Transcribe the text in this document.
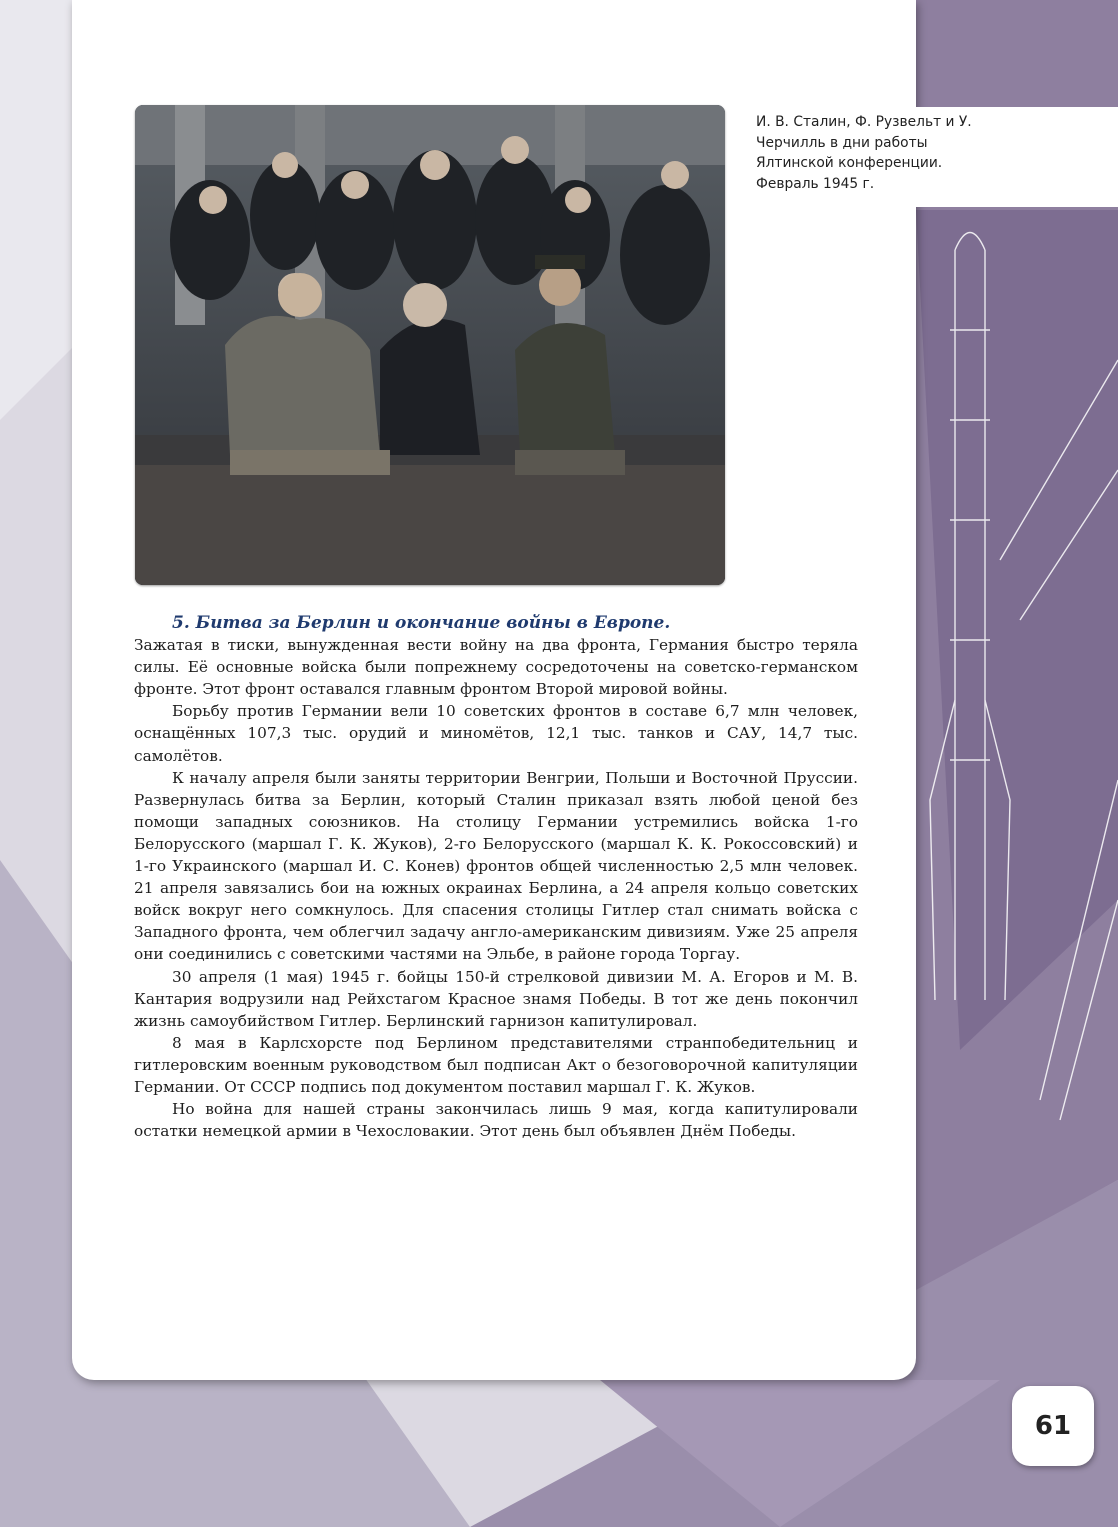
И. В. Сталин, Ф. Рузвельт и У. Черчилль в дни работы Ялтинской конференции. Февраль 1945 г.

5. Битва за Берлин и окончание войны в Европе.
Зажатая в тиски, вынужденная вести войну на два фронта, Германия быстро теряла силы. Её основные войска были попрежнему сосредоточены на советско-германском фронте. Этот фронт оставался главным фронтом Второй мировой войны.

Борьбу против Германии вели 10 советских фронтов в составе 6,7 млн человек, оснащённых 107,3 тыс. орудий и миномётов, 12,1 тыс. танков и САУ, 14,7 тыс. самолётов.

К началу апреля были заняты территории Венгрии, Польши и Восточной Пруссии. Развернулась битва за Берлин, который Сталин приказал взять любой ценой без помощи западных союзников. На столицу Германии устремились войска 1-го Белорусского (маршал Г. К. Жуков), 2-го Белорусского (маршал К. К. Рокоссовский) и 1-го Украинского (маршал И. С. Конев) фронтов общей численностью 2,5 млн человек. 21 апреля завязались бои на южных окраинах Берлина, а 24 апреля кольцо советских войск вокруг него сомкнулось. Для спасения столицы Гитлер стал снимать войска с Западного фронта, чем облегчил задачу англо-американским дивизиям. Уже 25 апреля они соединились с советскими частями на Эльбе, в районе города Торгау.

30 апреля (1 мая) 1945 г. бойцы 150-й стрелковой дивизии М. А. Егоров и М. В. Кантария водрузили над Рейхстагом Красное знамя Победы. В тот же день покончил жизнь самоубийством Гитлер. Берлинский гарнизон капитулировал.

8 мая в Карлсхорсте под Берлином представителями странпобедительниц и гитлеровским военным руководством был подписан Акт о безоговорочной капитуляции Германии. От СССР подпись под документом поставил маршал Г. К. Жуков.

Но война для нашей страны закончилась лишь 9 мая, когда капитулировали остатки немецкой армии в Чехословакии. Этот день был объявлен Днём Победы.

61
